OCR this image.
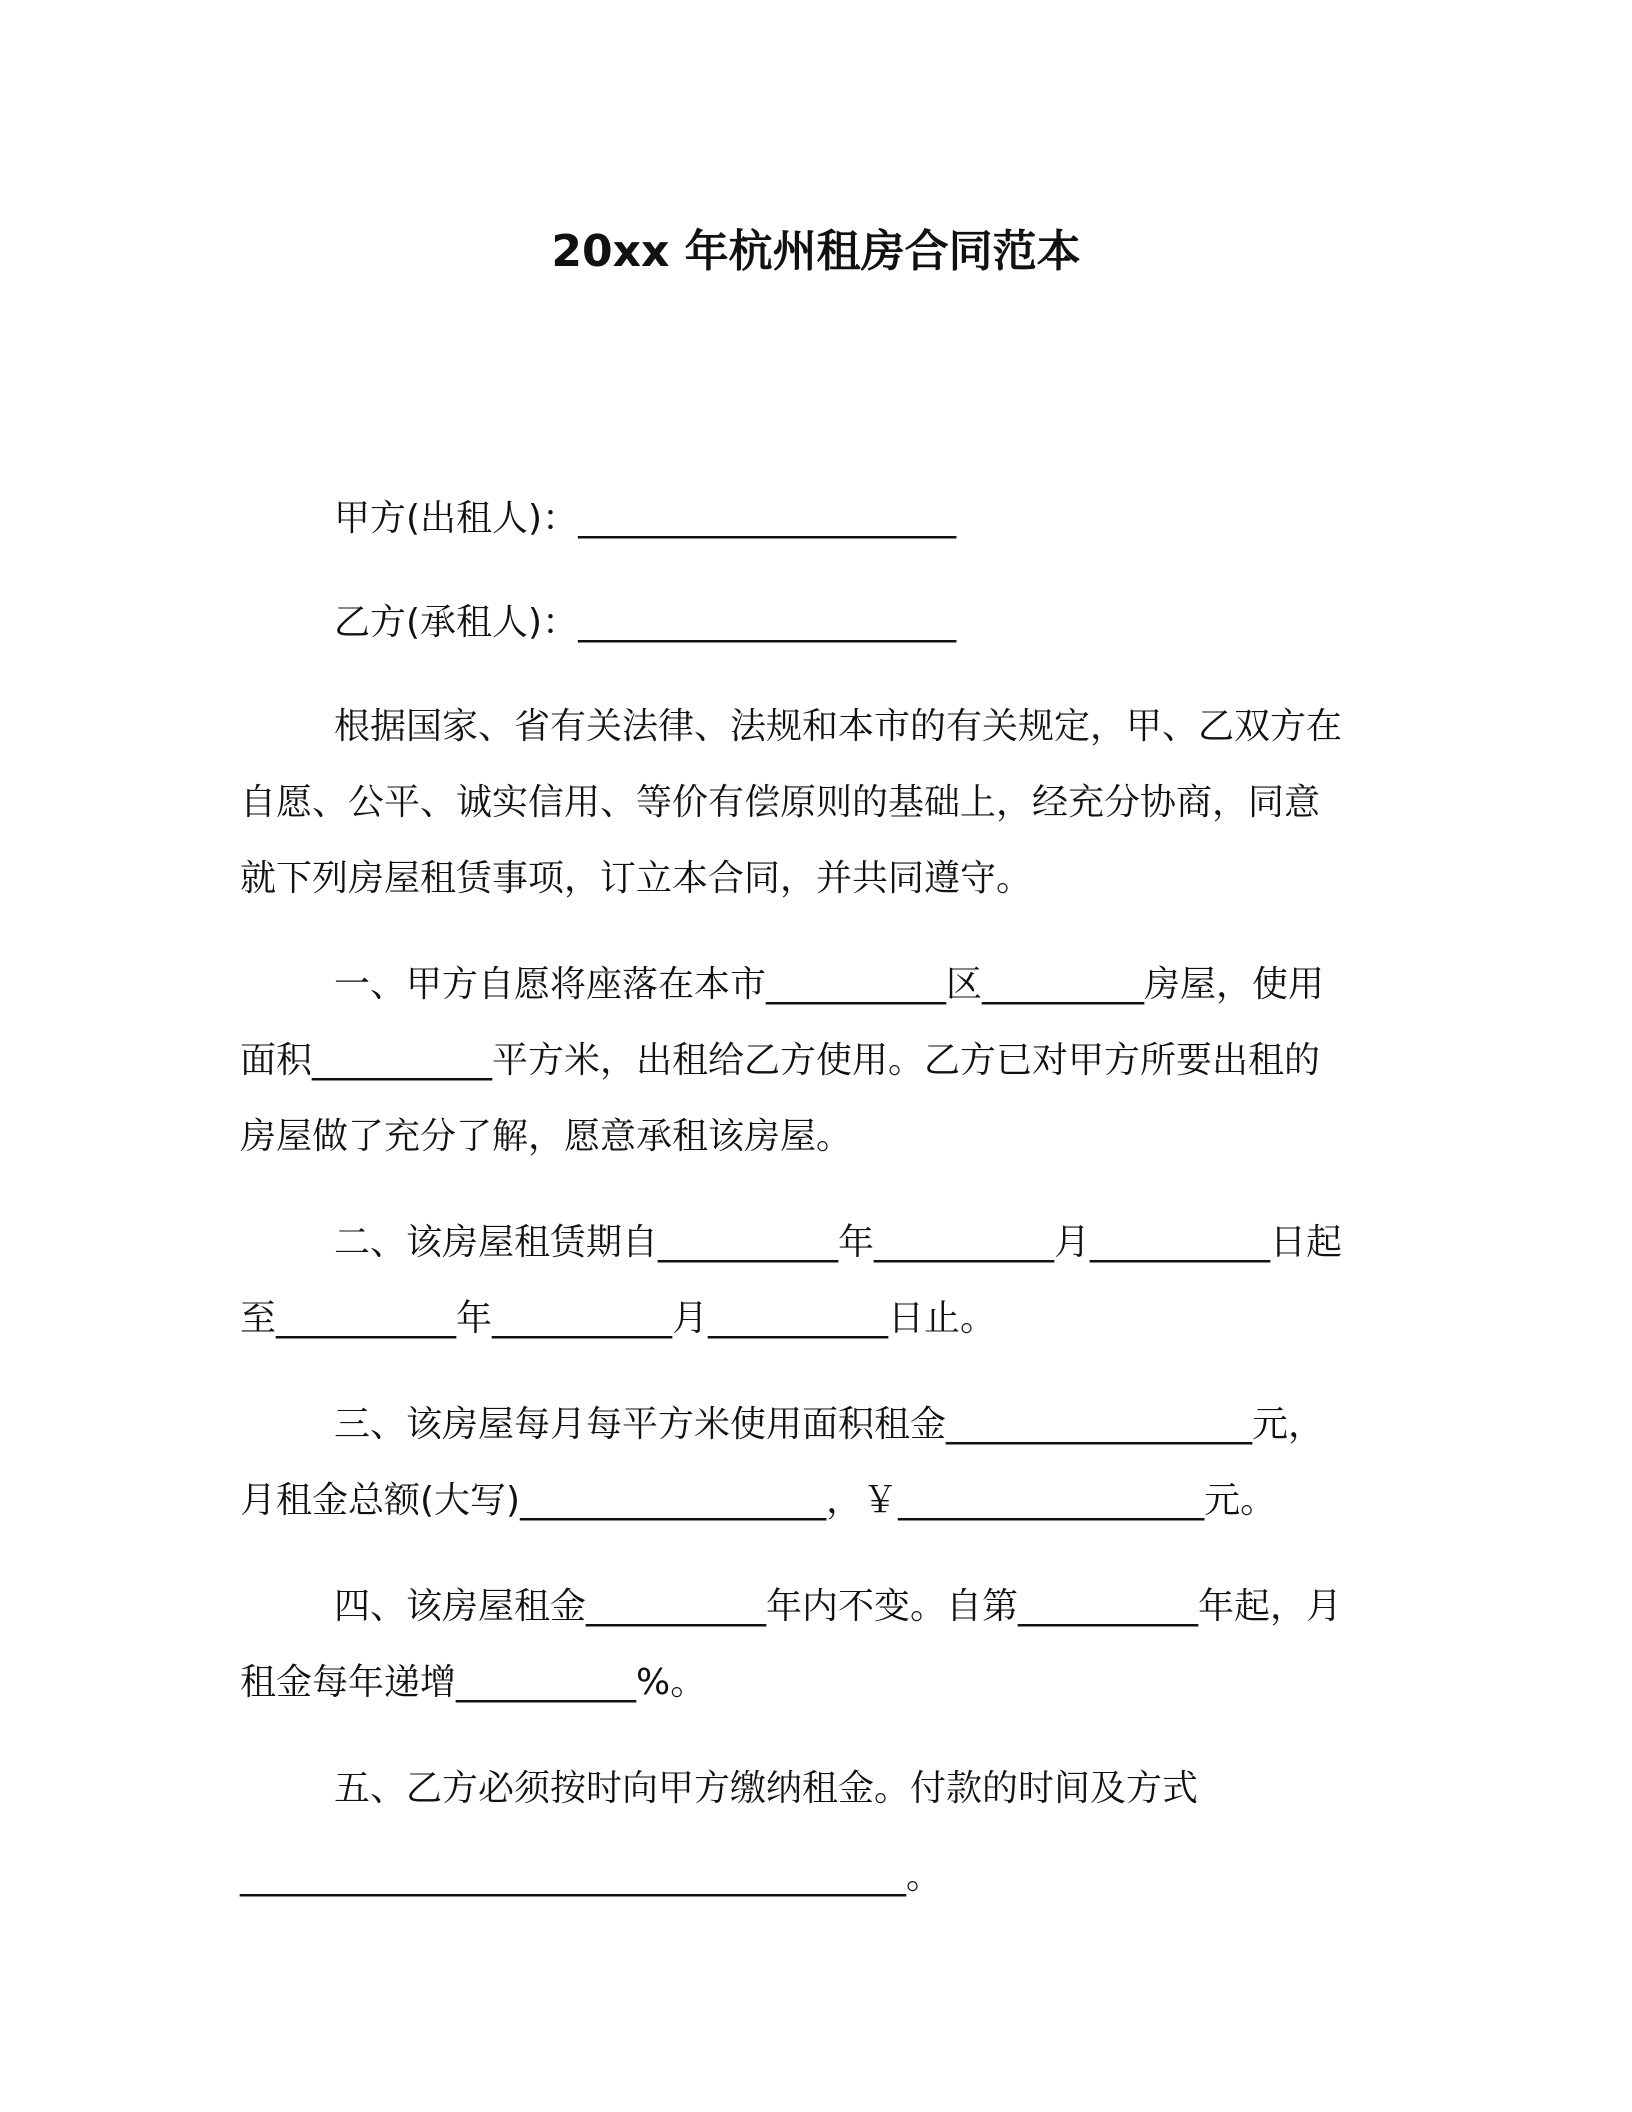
20xx 年杭州租房合同范本
甲方(出租人)：_____________________
乙方(承租人)：_____________________
根据国家、省有关法律、法规和本市的有关规定，甲、乙双方在
自愿、公平、诚实信用、等价有偿原则的基础上，经充分协商，同意
就下列房屋租赁事项，订立本合同，并共同遵守。
一、甲方自愿将座落在本市__________区_________房屋，使用
面积__________平方米，出租给乙方使用。乙方已对甲方所要出租的
房屋做了充分了解，愿意承租该房屋。
二、该房屋租赁期自__________年__________月__________日起
至__________年__________月__________日止。
三、该房屋每月每平方米使用面积租金_________________元，
月租金总额(大写)_________________，￥_________________元。
四、该房屋租金__________年内不变。自第__________年起，月
租金每年递增__________%。
五、乙方必须按时向甲方缴纳租金。付款的时间及方式
_____________________________________。
